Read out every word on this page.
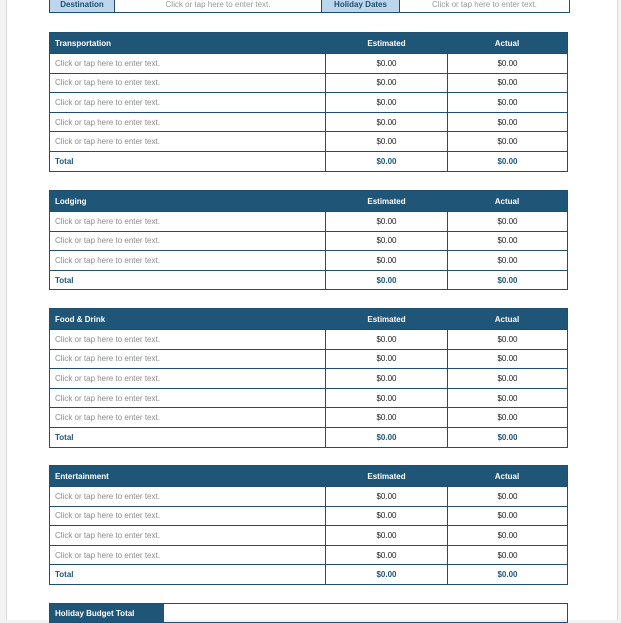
Destination	Click or tap here to enter text.	Holiday Dates	Click or tap here to enter text.
Transportation	Estimated	Actual
Click or tap here to enter text.	$0.00	$0.00
Click or tap here to enter text.	$0.00	$0.00
Click or tap here to enter text.	$0.00	$0.00
Click or tap here to enter text.	$0.00	$0.00
Click or tap here to enter text.	$0.00	$0.00
Total	$0.00	$0.00
Lodging	Estimated	Actual
Click or tap here to enter text.	$0.00	$0.00
Click or tap here to enter text.	$0.00	$0.00
Click or tap here to enter text.	$0.00	$0.00
Total	$0.00	$0.00
Food & Drink	Estimated	Actual
Click or tap here to enter text.	$0.00	$0.00
Click or tap here to enter text.	$0.00	$0.00
Click or tap here to enter text.	$0.00	$0.00
Click or tap here to enter text.	$0.00	$0.00
Click or tap here to enter text.	$0.00	$0.00
Total	$0.00	$0.00
Entertainment	Estimated	Actual
Click or tap here to enter text.	$0.00	$0.00
Click or tap here to enter text.	$0.00	$0.00
Click or tap here to enter text.	$0.00	$0.00
Click or tap here to enter text.	$0.00	$0.00
Total	$0.00	$0.00
Holiday Budget Total
